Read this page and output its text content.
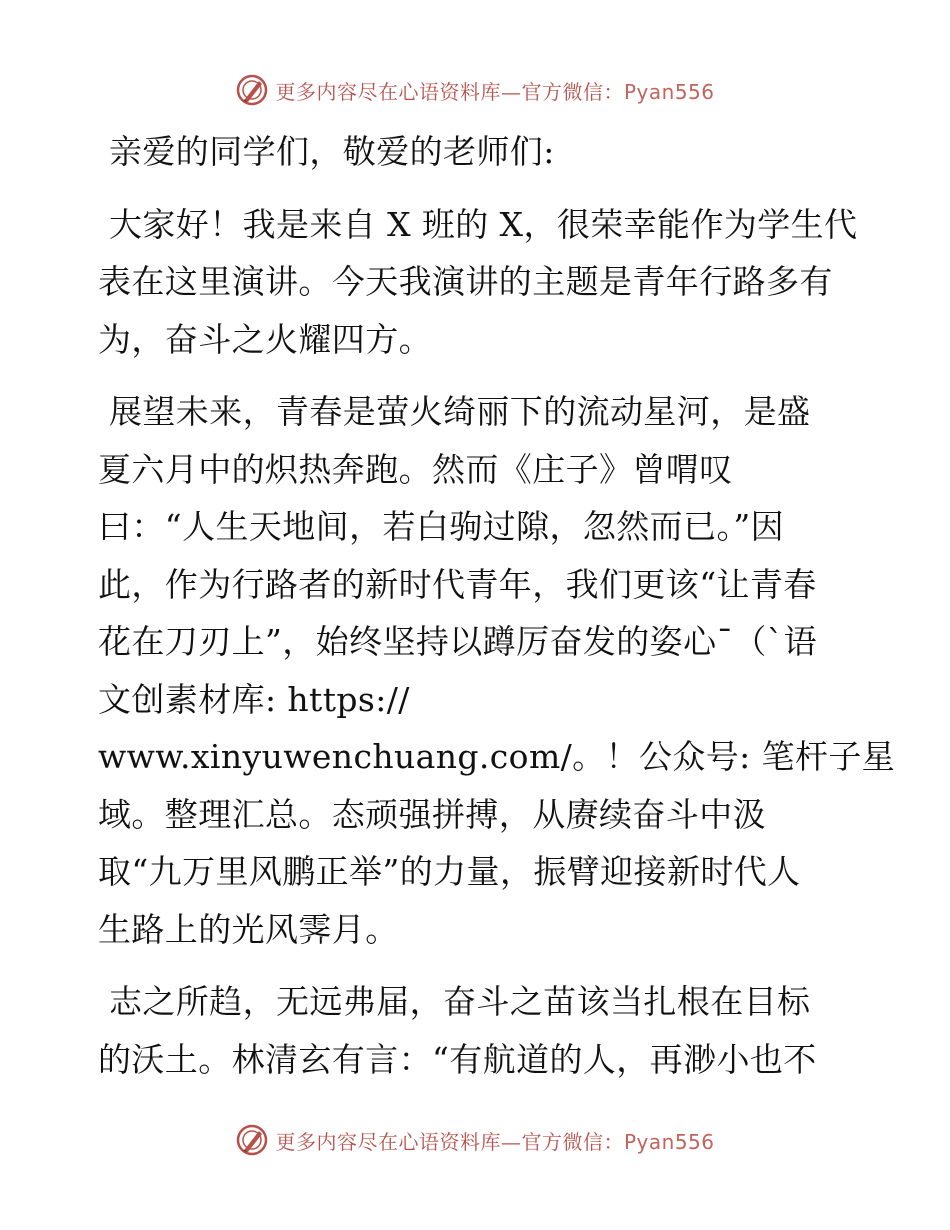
更多内容尽在心语资料库—官方微信：Pyan556
亲爱的同学们，敬爱的老师们:
大家好！我是来自 X 班的 X，很荣幸能作为学生代
表在这里演讲。今天我演讲的主题是青年行路多有
为，奋斗之火耀四方。
展望未来，青春是萤火绮丽下的流动星河，是盛
夏六月中的炽热奔跑。然而《庄子》曾喟叹
曰：“人生天地间，若白驹过隙，忽然而已。”因
此，作为行路者的新时代青年，我们更该“让青春
花在刀刃上”，始终坚持以蹲厉奋发的姿心¯（`语
文创素材库: https://
www.xinyuwenchuang.com/。！公众号: 笔杆子星
域。整理汇总。态顽强拼搏，从赓续奋斗中汲
取“九万里风鹏正举”的力量，振臂迎接新时代人
生路上的光风霁月。
志之所趋，无远弗届，奋斗之苗该当扎根在目标
的沃土。林清玄有言：“有航道的人，再渺小也不
更多内容尽在心语资料库—官方微信：Pyan556
